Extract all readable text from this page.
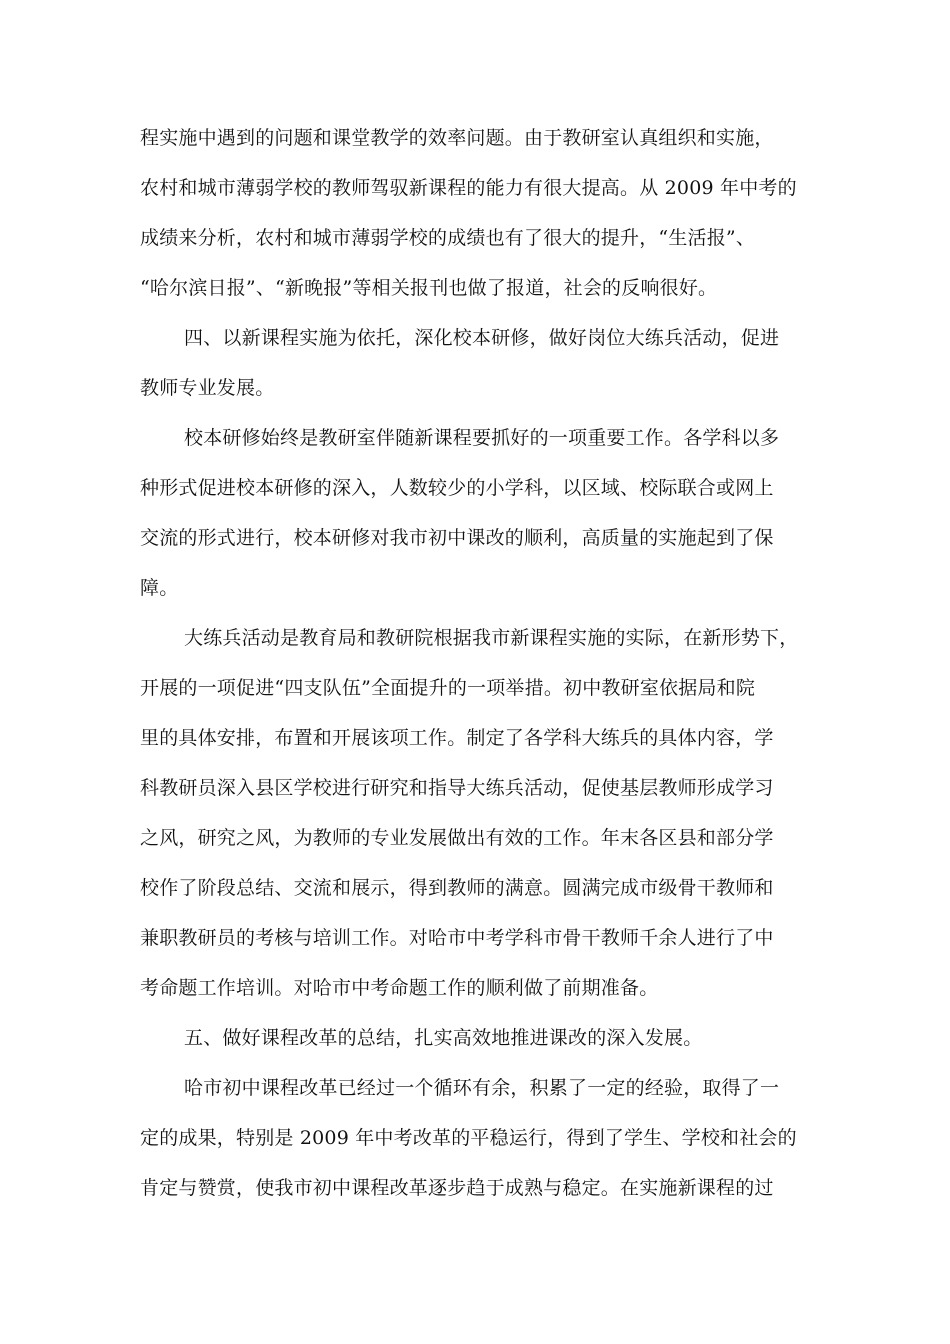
程实施中遇到的问题和课堂教学的效率问题。由于教研室认真组织和实施，
农村和城市薄弱学校的教师驾驭新课程的能力有很大提高。从 2009 年中考的
成绩来分析，农村和城市薄弱学校的成绩也有了很大的提升，“生活报”、
“哈尔滨日报”、“新晚报”等相关报刊也做了报道，社会的反响很好。
四、以新课程实施为依托，深化校本研修，做好岗位大练兵活动，促进
教师专业发展。
校本研修始终是教研室伴随新课程要抓好的一项重要工作。各学科以多
种形式促进校本研修的深入，人数较少的小学科，以区域、校际联合或网上
交流的形式进行，校本研修对我市初中课改的顺利，高质量的实施起到了保
障。
大练兵活动是教育局和教研院根据我市新课程实施的实际，在新形势下，
开展的一项促进“四支队伍”全面提升的一项举措。初中教研室依据局和院
里的具体安排，布置和开展该项工作。制定了各学科大练兵的具体内容，学
科教研员深入县区学校进行研究和指导大练兵活动，促使基层教师形成学习
之风，研究之风，为教师的专业发展做出有效的工作。年末各区县和部分学
校作了阶段总结、交流和展示，得到教师的满意。圆满完成市级骨干教师和
兼职教研员的考核与培训工作。对哈市中考学科市骨干教师千余人进行了中
考命题工作培训。对哈市中考命题工作的顺利做了前期准备。
五、做好课程改革的总结，扎实高效地推进课改的深入发展。
哈市初中课程改革已经过一个循环有余，积累了一定的经验，取得了一
定的成果，特别是 2009 年中考改革的平稳运行，得到了学生、学校和社会的
肯定与赞赏，使我市初中课程改革逐步趋于成熟与稳定。在实施新课程的过
